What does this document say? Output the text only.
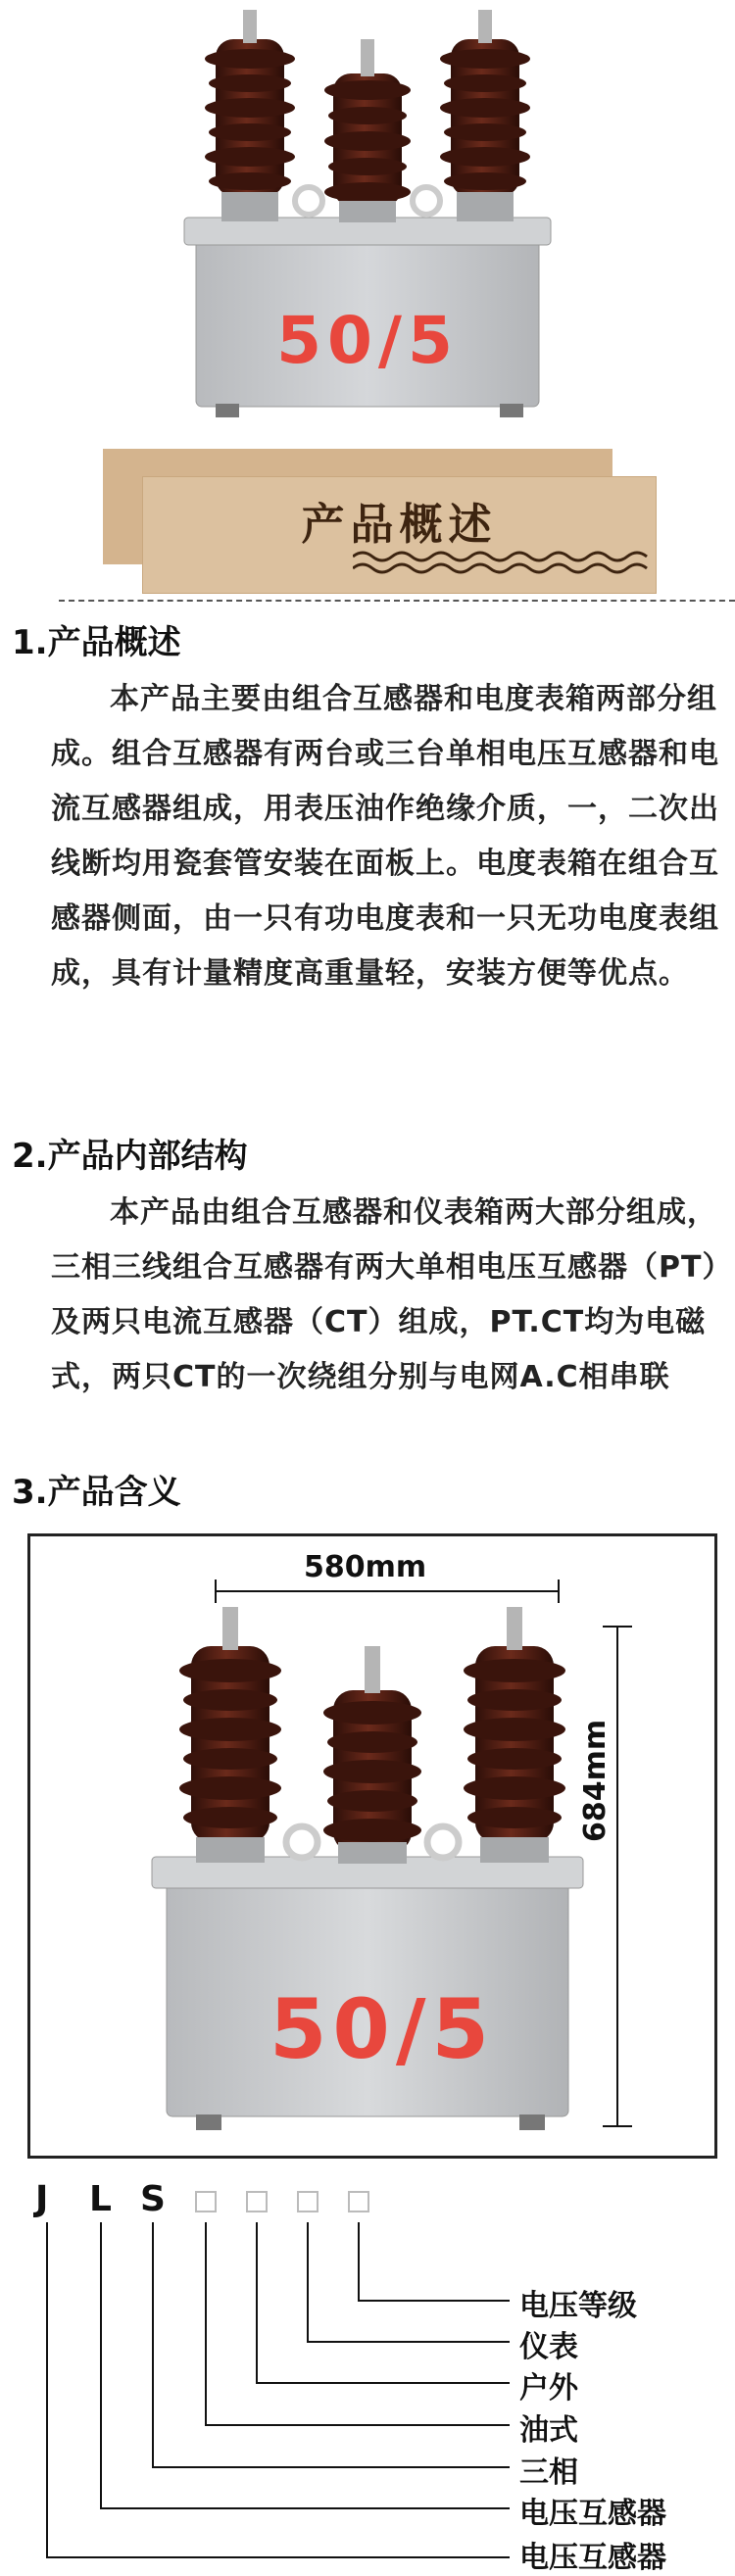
50/5
产品概述
1.产品概述

本产品主要由组合互感器和电度表箱两部分组成。组合互感器有两台或三台单相电压互感器和电流互感器组成，用表压油作绝缘介质，一，二次出线断均用瓷套管安装在面板上。电度表箱在组合互感器侧面，由一只有功电度表和一只无功电度表组成，具有计量精度高重量轻，安装方便等优点。

2.产品内部结构

本产品由组合互感器和仪表箱两大部分组成，三相三线组合互感器有两大单相电压互感器（PT）及两只电流互感器（CT）组成，PT.CT均为电磁式，两只CT的一次绕组分别与电网A.C相串联

3.产品含义
50/5
580mm
684mm
J L S
电压等级
仪表
户外
油式
三相
电压互感器
电压互感器
